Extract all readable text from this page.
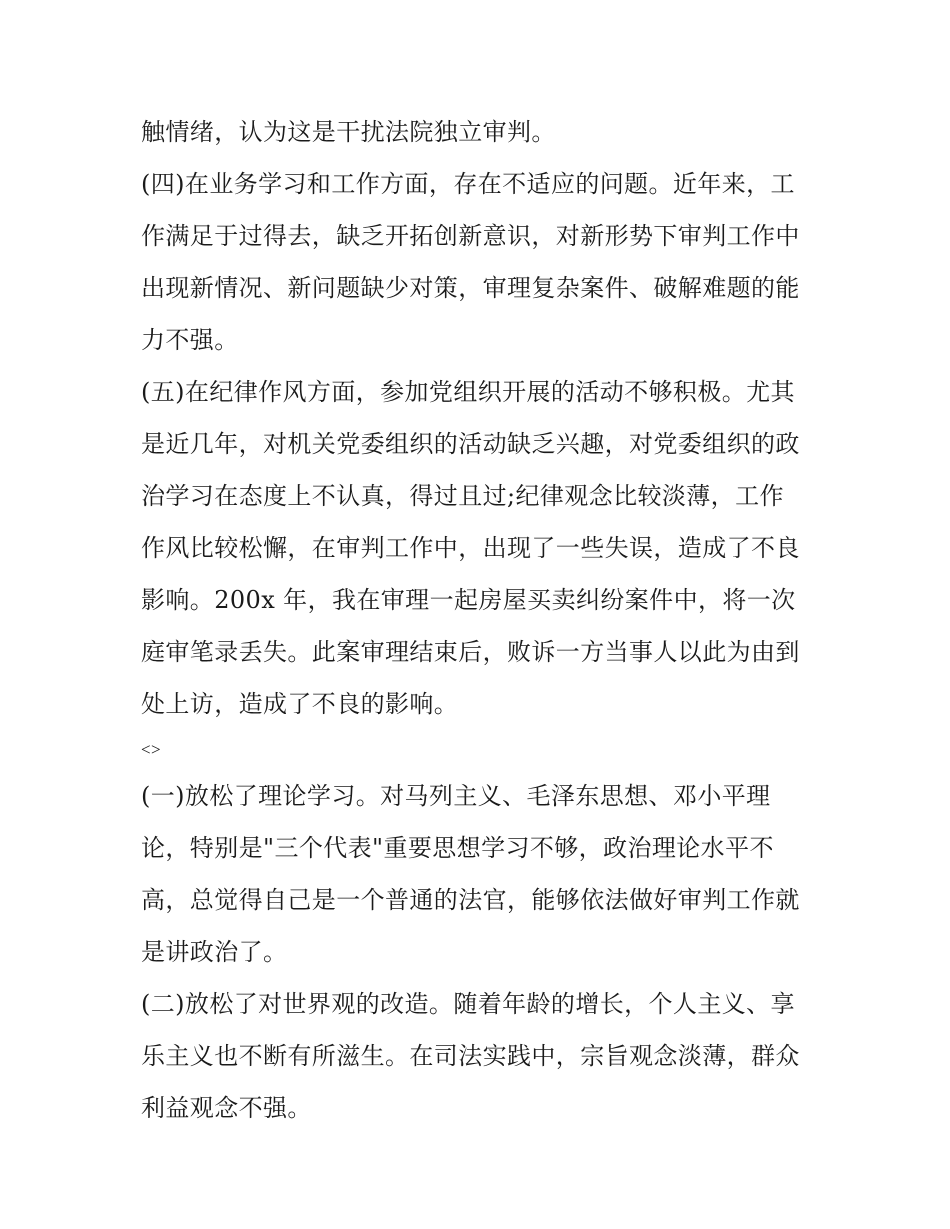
触情绪，认为这是干扰法院独立审判。
(四)在业务学习和工作方面，存在不适应的问题。近年来，工
作满足于过得去，缺乏开拓创新意识，对新形势下审判工作中
出现新情况、新问题缺少对策，审理复杂案件、破解难题的能
力不强。
(五)在纪律作风方面，参加党组织开展的活动不够积极。尤其
是近几年，对机关党委组织的活动缺乏兴趣，对党委组织的政
治学习在态度上不认真，得过且过;纪律观念比较淡薄，工作
作风比较松懈，在审判工作中，出现了一些失误，造成了不良
影响。200x 年，我在审理一起房屋买卖纠纷案件中，将一次
庭审笔录丢失。此案审理结束后，败诉一方当事人以此为由到
处上访，造成了不良的影响。
<>
(一)放松了理论学习。对马列主义、毛泽东思想、邓小平理
论，特别是"三个代表"重要思想学习不够，政治理论水平不
高，总觉得自己是一个普通的法官，能够依法做好审判工作就
是讲政治了。
(二)放松了对世界观的改造。随着年龄的增长，个人主义、享
乐主义也不断有所滋生。在司法实践中，宗旨观念淡薄，群众
利益观念不强。
